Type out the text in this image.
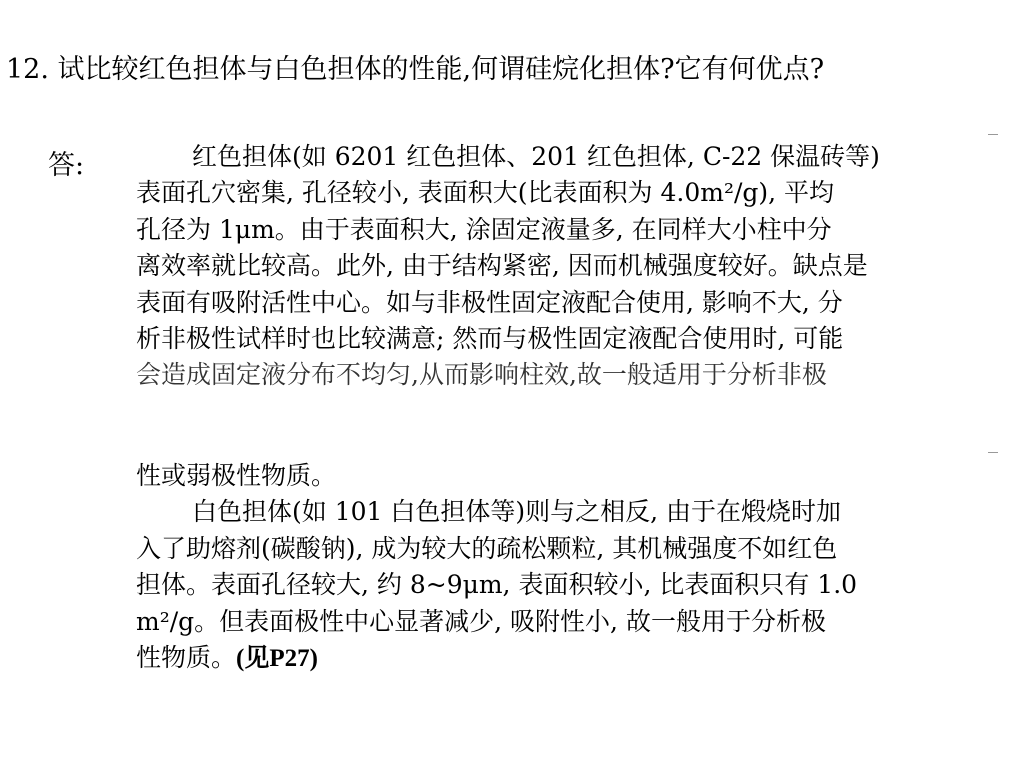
12. 试比较红色担体与白色担体的性能,何谓硅烷化担体?它有何优点?
答:	红色担体(如 6201 红色担体、201 红色担体, C-22 保温砖等)
表面孔穴密集, 孔径较小, 表面积大(比表面积为 4.0m²/g), 平均
孔径为 1μm。由于表面积大, 涂固定液量多, 在同样大小柱中分
离效率就比较高。此外, 由于结构紧密, 因而机械强度较好。缺点是
表面有吸附活性中心。如与非极性固定液配合使用, 影响不大, 分
析非极性试样时也比较满意; 然而与极性固定液配合使用时, 可能
会造成固定液分布不均匀,从而影响柱效,故一般适用于分析非极
性或弱极性物质。
白色担体(如 101 白色担体等)则与之相反, 由于在煅烧时加
入了助熔剂(碳酸钠), 成为较大的疏松颗粒, 其机械强度不如红色
担体。表面孔径较大, 约 8~9μm, 表面积较小, 比表面积只有 1.0
m²/g。但表面极性中心显著减少, 吸附性小, 故一般用于分析极
性物质。(见P27)
